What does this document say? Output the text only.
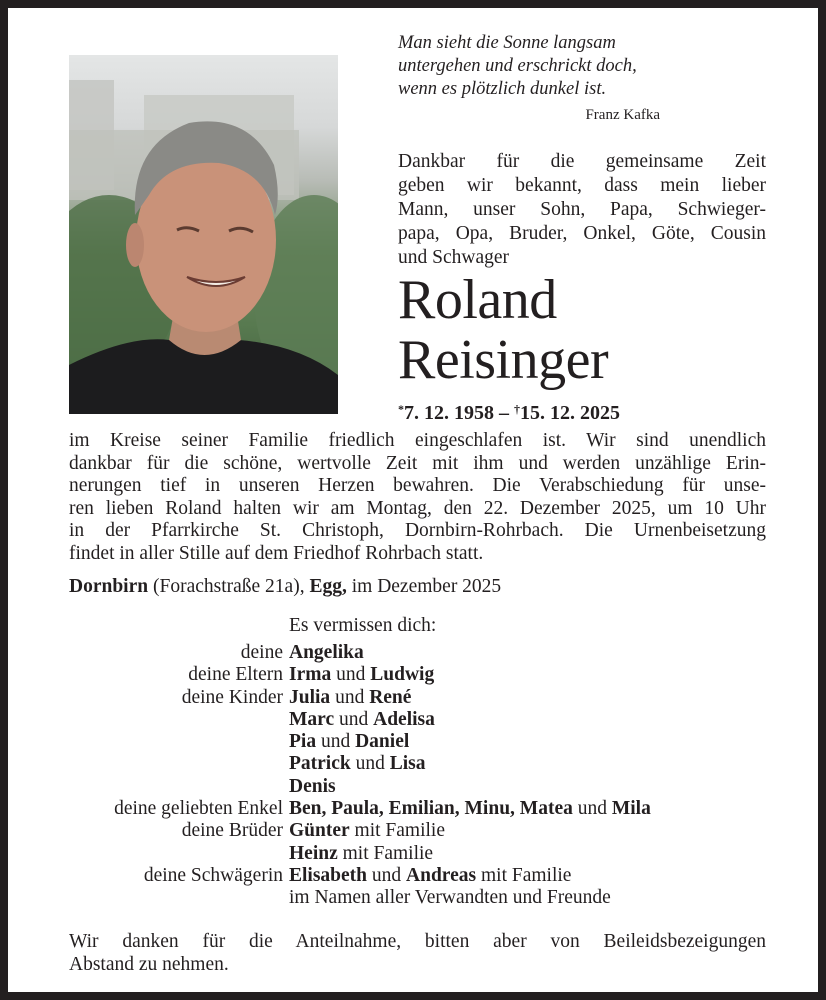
Man sieht die Sonne langsam
untergehen und erschrickt doch,
wenn es plötzlich dunkel ist.
Franz Kafka
Dankbar für die gemeinsame Zeit
geben wir bekannt, dass mein lieber
Mann, unser Sohn, Papa, Schwieger-
papa, Opa, Bruder, Onkel, Göte, Cousin
und Schwager
Roland
Reisinger
*7. 12. 1958 – †15. 12. 2025
im Kreise seiner Familie friedlich eingeschlafen ist. Wir sind unendlich
dankbar für die schöne, wertvolle Zeit mit ihm und werden unzählige Erin-
nerungen tief in unseren Herzen bewahren. Die Verabschiedung für unse-
ren lieben Roland halten wir am Montag, den 22. Dezember 2025, um 10 Uhr
in der Pfarrkirche St. Christoph, Dornbirn-Rohrbach. Die Urnenbeisetzung
findet in aller Stille auf dem Friedhof Rohrbach statt.
Dornbirn (Forachstraße 21a), Egg, im Dezember 2025
Es vermissen dich:
deine Angelika
deine Eltern Irma und Ludwig
deine Kinder Julia und René
Marc und Adelisa
Pia und Daniel
Patrick und Lisa
Denis
deine geliebten Enkel Ben, Paula, Emilian, Minu, Matea und Mila
deine Brüder Günter mit Familie
Heinz mit Familie
deine Schwägerin Elisabeth und Andreas mit Familie
im Namen aller Verwandten und Freunde
Wir danken für die Anteilnahme, bitten aber von Beileidsbezeigungen
Abstand zu nehmen.
